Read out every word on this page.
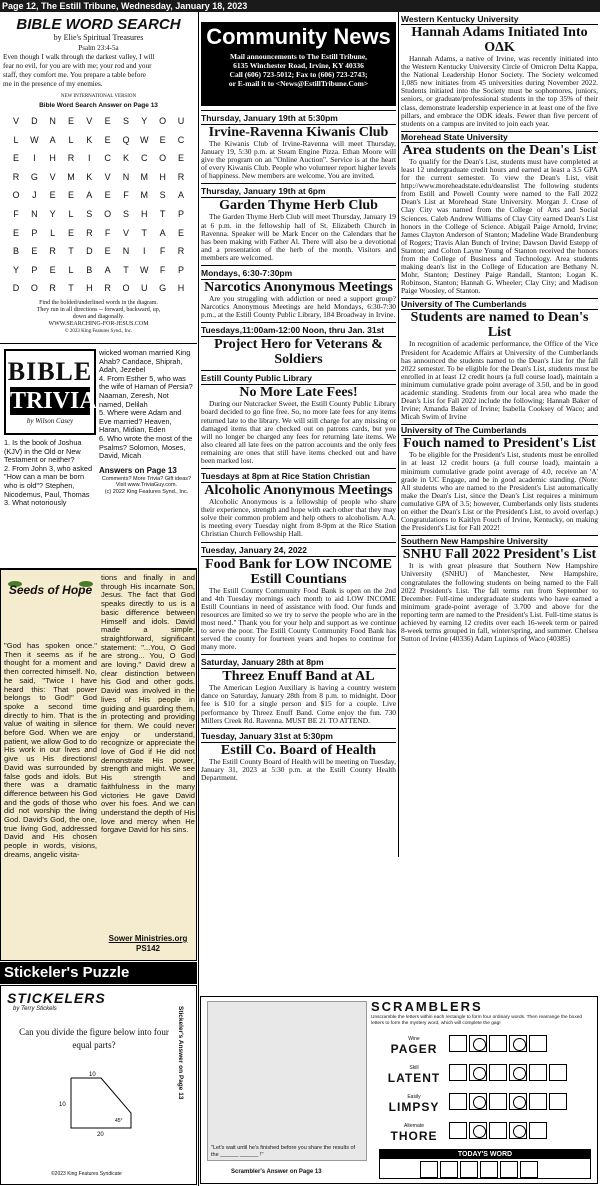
Page 12, The Estill Tribune, Wednesday, January 18, 2023
BIBLE WORD SEARCH
by Elie's Spiritual Treasures
Psalm 23:4-5a
Even though I walk through the darkest valley, I will
fear no evil, for you are with me; your rod and your
staff, they comfort me. You prepare a table before
me in the presence of my enemies.
NEW INTERNATIONAL VERSION
Bible Word Search Answer on Page 13
V	D	N	E	V	E	S	Y	O	U
L	W	A	L	K	E	Q	W	E	C
E	I	H	R	I	C	K	C	O	E
R	G	V	M	K	V	N	M	H	R
O	J	E	E	A	E	F	M	S	A
F	N	Y	L	S	O	S	H	T	P
E	P	L	E	R	F	V	T	A	E
B	E	R	T	D	E	N	I	F	R
Y	P	E	L	B	A	T	W	F	P
D	O	R	T	H	R	O	U	G	H
Find the bolded/underlined words in the diagram.
They run in all directions -- forward, backward, up,
down and diagonally.
WWW.SEARCHING-FOR-JESUS.COM
© 2023 King Features Synd., Inc.
BIBLE
TRIVIA
by Wilson Casey
1. Is the book of Joshua (KJV) in the Old or New Testament or neither?
2. From John 3, who asked "How can a man be born who is old"? Stephen, Nicodemus, Paul, Thomas
3. What notoriously
wicked woman married King Ahab? Candace, Shiprah, Adah, Jezebel
4. From Esther 5, who was the wife of Haman of Persia? Naaman, Zeresh, Not named, Delilah
5. Where were Adam and Eve married? Heaven, Haran, Midian, Eden
6. Who wrote the most of the Psalms? Solomon, Moses, David, Micah
Answers on Page 13
Comments? More Trivia? Gift ideas? Visit www.TriviaGuy.com.
(c) 2022 King Features Synd., Inc.
Seeds of Hope
"God has spoken once." Then it seems as if he thought for a moment and then corrected himself. No, he said, "Twice I have heard this: That power belongs to God!" God spoke a second time directly to him. That is the value of waiting in silence before God. When we are patient, we allow God to do His work in our lives and give us His directions! David was surrounded by false gods and idols. But there was a dramatic difference between his God and the gods of those who did not worship the living God. David's God, the one, true living God, addressed David and His chosen people in words, visions, dreams, angelic visita-
tions and finally in and through His incarnate Son, Jesus. The fact that God speaks directly to us is a basic difference between Himself and idols. David made a simple, straightforward, significant statement: "...You, O God are strong... You, O God are loving." David drew a clear distinction between his God and other gods. David was involved in the lives of His people in guiding and guarding them, in protecting and providing for them. We could never enjoy or understand, recognize or appreciate the love of God if He did not demonstrate His power, strength and might. We see His strength and faithfulness in the many victories He gave David over his foes. And we can understand the depth of His love and mercy when He forgave David for his sins.
Sower Ministries.org
PS142
Stickeler's Puzzle
STICKELERS
by Terry Stickels
Can you divide the figure below into four equal parts?
10
10
20
45°
Stickeler's Answer on Page 13
©2023 King Features Syndicate
Community News
Mail announcements to The Estill Tribune,
6135 Winchester Road, Irvine, KY 40336
Call (606) 723-5012; Fax to (606) 723-2743;
or E-mail it to <News@EstillTribune.Com>
Thursday, January 19th at 5:30pm
Irvine-Ravenna Kiwanis Club
The Kiwanis Club of Irvine-Ravenna will meet Thursday, January 19, 5:30 p.m. at Steam Engine Pizza. Ethan Moore will give the program on an "Online Auction". Service is at the heart of every Kiwanis Club. People who volunteer report higher levels of happiness. New members are welcome. You are invited.
Thursday, January 19th at 6pm
Garden Thyme Herb Club
The Garden Thyme Herb Club will meet Thursday, January 19 at 6 p.m. in the fellowship hall of St. Elizabeth Church in Ravenna. Speaker will be Mark Encer on the Calendars that he has been making with Father Al. There will also be a devotional and a presentation of the herb of the month. Visitors and members are welcomed.
Mondays, 6:30-7:30pm
Narcotics Anonymous Meetings
Are you struggling with addiction or need a support group? Narcotics Anonymous Meetings are held Mondays, 6:30-7:30 p.m., at the Estill County Public Library, 184 Broadway in Irvine.
Tuesdays,11:00am-12:00 Noon, thru Jan. 31st
Project Hero for Veterans & Soldiers
Estill County Public Library
No More Late Fees!
During our Nutcracker Sweet, the Estill County Public Library board decided to go fine free. So, no more late fees for any items returned late to the library. We will still charge for any missing or damaged items that are checked out on patrons cards, but you will no longer be charged any fees for returning late items. We also cleared all late fees on the patron accounts and the only fees remaining are ones that still have items checked out and have been marked lost.
Tuesdays at 8pm at Rice Station Christian
Alcoholic Anonymous Meetings
Alcoholic Anonymous is a fellowship of people who share their experience, strength and hope with each other that they may solve their common problem and help others to alcoholism. A.A. is meeting every Tuesday night from 8-9pm at the Rice Station Christian Church Fellowship Hall.
Tuesday, January 24, 2022
Food Bank for LOW INCOME Estill Countians
The Estill County Community Food Bank is open on the 2nd and 4th Tuesday mornings each month to aid LOW INCOME Estill Countians in need of assistance with food. Our funds and resources are limited so we try to serve the people who are in the most need." Thank you for your help and support as we continue to serve the poor. The Estill County Community Food Bank has served the county for fourteen years and hopes to continue for many more.
Saturday, January 28th at 8pm
Threez Enuff Band at AL
The American Legion Auxiliary is having a country western dance on Saturday, January 28th from 8 p.m. to midnight. Door fee is $10 for a single person and $15 for a couple. Live performance by Threez Enuff Band. Come enjoy the fun. 730 Millers Creek Rd. Ravenna. MUST BE 21 TO ATTEND.
Tuesday, January 31st at 5:30pm
Estill Co. Board of Health
The Estill County Board of Health will be meeting on Tuesday, January 31, 2023 at 5:30 p.m. at the Estill County Health Department.
Western Kentucky University
Hannah Adams Initiated Into OΔK
Hannah Adams, a native of Irvine, was recently initiated into the Western Kentucky University Circle of Omicron Delta Kappa, the National Leadership Honor Society. The Society welcomed 1,085 new initiates from 45 universities during November 2022. Students initiated into the Society must be sophomores, juniors, seniors, or graduate/professional students in the top 35% of their class, demonstrate leadership experience in at least one of the five pillars, and embrace the ODK ideals. Fewer than five percent of students on a campus are invited to join each year.
Morehead State University
Area students on the Dean's List
To qualify for the Dean's List, students must have completed at least 12 undergraduate credit hours and earned at least a 3.5 GPA for the current semester. To view the Dean's List, visit http://www.moreheadstate.edu/deanslist The following students from Estill and Powell County were named to the Fall 2022 Dean's List at Morehead State University. Morgan J. Crase of Clay City was named from the College of Arts and Social Sciences. Caleb Andrew Williams of Clay City earned Dean's List honors in the College of Science. Abigail Paige Arnold, Irvine; James Clayton Anderson of Stanton; Madeline Wade Brandenburg of Rogers; Travis Alan Bunch of Irvine; Dawson David Estepp of Stanton; and Colton Layne Young of Stanton received the honors from the College of Business and Technology. Area students making dean's list in the College of Education are Bethany N. Mohr, Stanton; Destiney Paige Randall, Stanton; Logan K. Robinson, Stanton; Hannah G. Wheeler; Clay City; and Madison Paige Woosley, of Stanton.
University of The Cumberlands
Students are named to Dean's List
In recognition of academic performance, the Office of the Vice President for Academic Affairs at University of the Cumberlands has announced the students named to the Dean's List for the fall 2022 semester. To be eligible for the Dean's List, students must be enrolled in at least 12 credit hours (a full course load), maintain a minimum cumulative grade point average of 3.50, and be in good academic standing. Students from our local area who made the Dean's List for Fall 2022 include the following: Hannah Baker of Irvine; Amanda Baker of Irvine; Isabella Cooksey of Waco; and Micah Swim of Irvine
University of The Cumberlands
Fouch named to President's List
To be eligible for the President's List, students must be enrolled in at least 12 credit hours (a full course load), maintain a minimum cumulative grade point average of 4.0, receive an 'A' grade in UC Engage, and be in good academic standing. (Note: All students who are named to the President's List automatically make the Dean's List, since the Dean's List requires a minimum cumulative GPA of 3.5; however, Cumberlands only lists students on either the Dean's List or the President's List, to avoid overlap.) Congratulations to Kaitlyn Fouch of Irvine, Kentucky, on making the President's List for Fall 2022!
Southern New Hampshire University
SNHU Fall 2022 President's List
It is with great pleasure that Southern New Hampshire University (SNHU) of Manchester, New Hampshire, congratulates the following students on being named to the Fall 2022 President's List. The fall terms run from September to December. Full-time undergraduate students who have earned a minimum grade-point average of 3.700 and above for the reporting term are named to the President's List. Full-time status is achieved by earning 12 credits over each 16-week term or paired 8-week terms grouped in fall, winter/spring, and summer. Chelsea Sutton of Irvine (40336) Adam Lupinos of Waco (40385)
SCRAMBLERS
Unscramble the letters within each rectangle to form four ordinary words. Then rearrange the boxed letters to form the mystery word, which will complete the gag!
"Let's wait until he's finished before you share the results of the ______ ______ !"
Scrambler's Answer on Page 13
Wine
PAGER
Skill
LATENT
Easily
LIMPSY
Alternate
THORE
TODAY'S WORD
